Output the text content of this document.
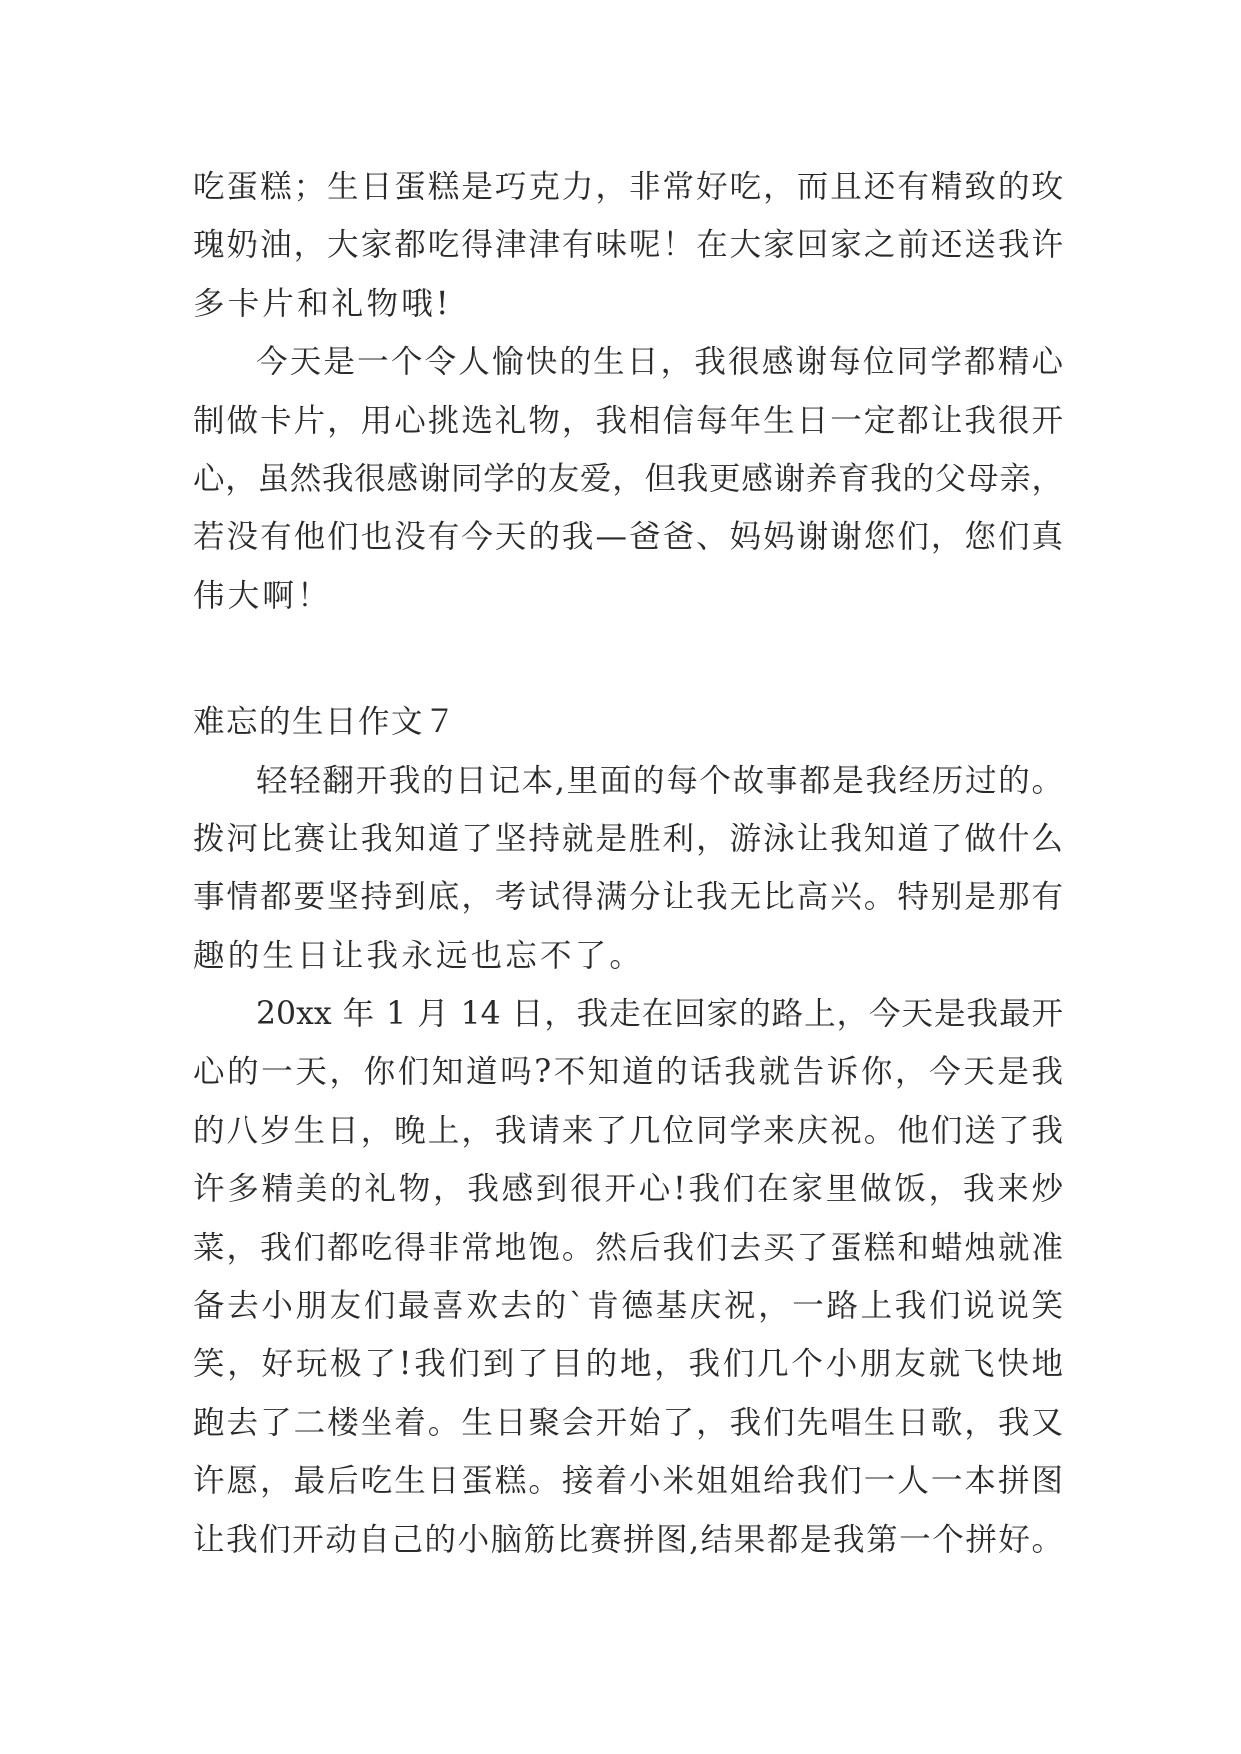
吃蛋糕；生日蛋糕是巧克力，非常好吃，而且还有精致的玫
瑰奶油，大家都吃得津津有味呢！在大家回家之前还送我许
多卡片和礼物哦!
今天是一个令人愉快的生日，我很感谢每位同学都精心
制做卡片，用心挑选礼物，我相信每年生日一定都让我很开
心，虽然我很感谢同学的友爱，但我更感谢养育我的父母亲，
若没有他们也没有今天的我—爸爸、妈妈谢谢您们，您们真
伟大啊！
难忘的生日作文７
轻轻翻开我的日记本,里面的每个故事都是我经历过的。
拨河比赛让我知道了坚持就是胜利，游泳让我知道了做什么
事情都要坚持到底，考试得满分让我无比高兴。特别是那有
趣的生日让我永远也忘不了。
20xx 年 1 月 14 日，我走在回家的路上，今天是我最开
心的一天，你们知道吗?不知道的话我就告诉你，今天是我
的八岁生日，晚上，我请来了几位同学来庆祝。他们送了我
许多精美的礼物，我感到很开心!我们在家里做饭，我来炒
菜，我们都吃得非常地饱。然后我们去买了蛋糕和蜡烛就准
备去小朋友们最喜欢去的`肯德基庆祝，一路上我们说说笑
笑，好玩极了!我们到了目的地，我们几个小朋友就飞快地
跑去了二楼坐着。生日聚会开始了，我们先唱生日歌，我又
许愿，最后吃生日蛋糕。接着小米姐姐给我们一人一本拼图
让我们开动自己的小脑筋比赛拼图,结果都是我第一个拼好。
